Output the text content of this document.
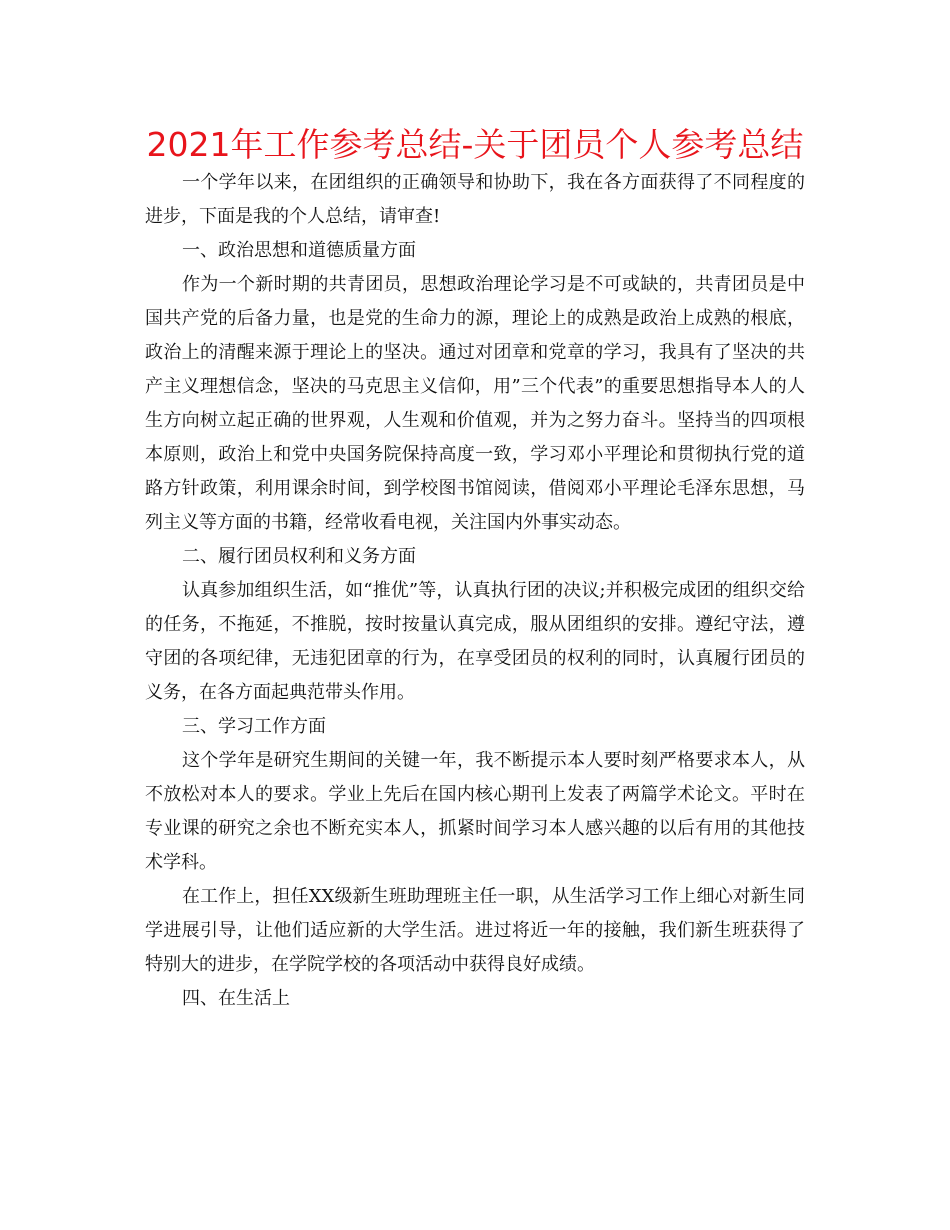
2021年工作参考总结-关于团员个人参考总结

一个学年以来，在团组织的正确领导和协助下，我在各方面获得了不同程度的进步，下面是我的个人总结，请审查!

一、政治思想和道德质量方面

作为一个新时期的共青团员，思想政治理论学习是不可或缺的，共青团员是中国共产党的后备力量，也是党的生命力的源，理论上的成熟是政治上成熟的根底，政治上的清醒来源于理论上的坚决。通过对团章和党章的学习，我具有了坚决的共产主义理想信念，坚决的马克思主义信仰，用”三个代表”的重要思想指导本人的人生方向树立起正确的世界观，人生观和价值观，并为之努力奋斗。坚持当的四项根本原则，政治上和党中央国务院保持高度一致，学习邓小平理论和贯彻执行党的道路方针政策，利用课余时间，到学校图书馆阅读，借阅邓小平理论毛泽东思想，马列主义等方面的书籍，经常收看电视，关注国内外事实动态。

二、履行团员权利和义务方面

认真参加组织生活，如“推优”等，认真执行团的决议;并积极完成团的组织交给的任务，不拖延，不推脱，按时按量认真完成，服从团组织的安排。遵纪守法，遵守团的各项纪律，无违犯团章的行为，在享受团员的权利的同时，认真履行团员的义务，在各方面起典范带头作用。

三、学习工作方面

这个学年是研究生期间的关键一年，我不断提示本人要时刻严格要求本人，从不放松对本人的要求。学业上先后在国内核心期刊上发表了两篇学术论文。平时在专业课的研究之余也不断充实本人，抓紧时间学习本人感兴趣的以后有用的其他技术学科。

在工作上，担任XX级新生班助理班主任一职，从生活学习工作上细心对新生同学进展引导，让他们适应新的大学生活。进过将近一年的接触，我们新生班获得了特别大的进步，在学院学校的各项活动中获得良好成绩。

四、在生活上
